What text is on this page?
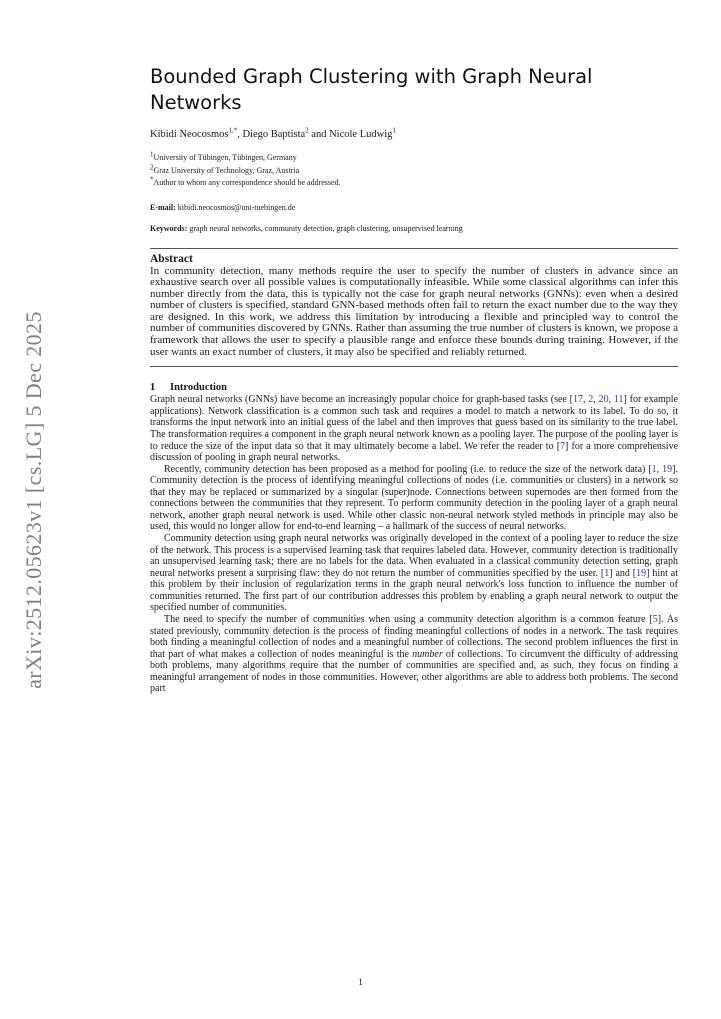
arXiv:2512.05623v1 [cs.LG] 5 Dec 2025
Bounded Graph Clustering with Graph Neural Networks
Kibidi Neocosmos$^{1,*}$, Diego Baptista$^2$ and Nicole Ludwig$^1$
$^1$University of Tübingen, Tübingen, Germany
$^2$Graz University of Technology, Graz, Austria
*Author to whom any correspondence should be addressed.
E-mail: kibidi.neocosmos@uni-tuebingen.de
Keywords: graph neural networks, community detection, graph clustering, unsupervised learning
Abstract
In community detection, many methods require the user to specify the number of clusters in advance since an exhaustive search over all possible values is computationally infeasible. While some classical algorithms can infer this number directly from the data, this is typically not the case for graph neural networks (GNNs): even when a desired number of clusters is specified, standard GNN-based methods often fail to return the exact number due to the way they are designed. In this work, we address this limitation by introducing a flexible and principled way to control the number of communities discovered by GNNs. Rather than assuming the true number of clusters is known, we propose a framework that allows the user to specify a plausible range and enforce these bounds during training. However, if the user wants an exact number of clusters, it may also be specified and reliably returned.
1 Introduction

Graph neural networks (GNNs) have become an increasingly popular choice for graph-based tasks (see [17, 2, 20, 11] for example applications). Network classification is a common such task and requires a model to match a network to its label. To do so, it transforms the input network into an initial guess of the label and then improves that guess based on its similarity to the true label. The transformation requires a component in the graph neural network known as a pooling layer. The purpose of the pooling layer is to reduce the size of the input data so that it may ultimately become a label. We refer the reader to [7] for a more comprehensive discussion of pooling in graph neural networks.

Recently, community detection has been proposed as a method for pooling (i.e. to reduce the size of the network data) [1, 19]. Community detection is the process of identifying meaningful collections of nodes (i.e. communities or clusters) in a network so that they may be replaced or summarized by a singular (super)node. Connections between supernodes are then formed from the connections between the communities that they represent. To perform community detection in the pooling layer of a graph neural network, another graph neural network is used. While other classic non-neural network styled methods in principle may also be used, this would no longer allow for end-to-end learning – a hallmark of the success of neural networks.

Community detection using graph neural networks was originally developed in the context of a pooling layer to reduce the size of the network. This process is a supervised learning task that requires labeled data. However, community detection is traditionally an unsupervised learning task; there are no labels for the data. When evaluated in a classical community detection setting, graph neural networks present a surprising flaw: they do not return the number of communities specified by the user. [1] and [19] hint at this problem by their inclusion of regularization terms in the graph neural network's loss function to influence the number of communities returned. The first part of our contribution addresses this problem by enabling a graph neural network to output the specified number of communities.

The need to specify the number of communities when using a community detection algorithm is a common feature [5]. As stated previously, community detection is the process of finding meaningful collections of nodes in a network. The task requires both finding a meaningful collection of nodes and a meaningful number of collections. The second problem influences the first in that part of what makes a collection of nodes meaningful is the number of collections. To circumvent the difficulty of addressing both problems, many algorithms require that the number of communities are specified and, as such, they focus on finding a meaningful arrangement of nodes in those communities. However, other algorithms are able to address both problems. The second part

1
